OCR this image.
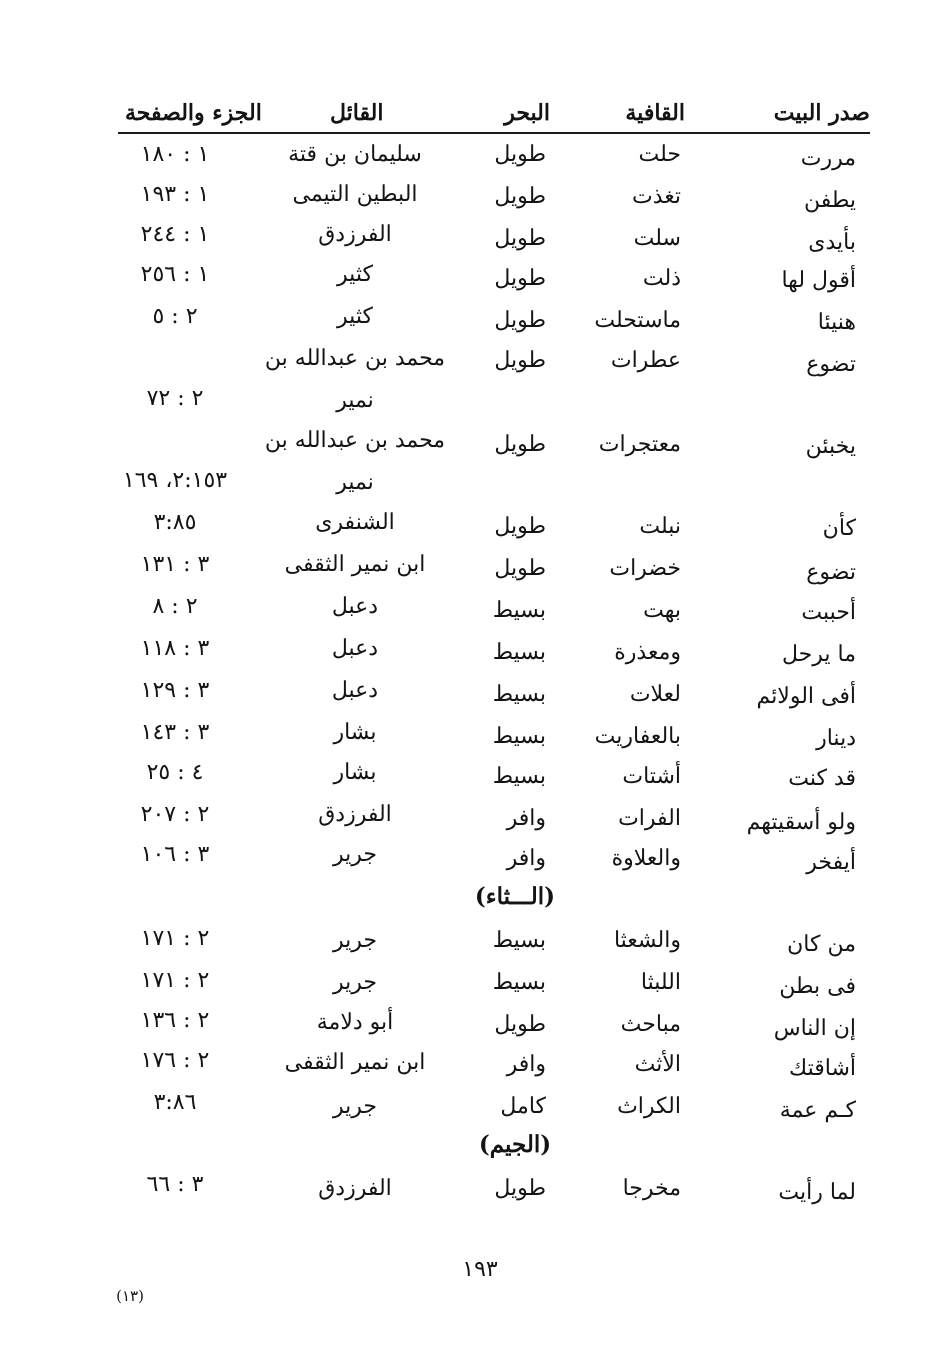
صدر البيت
القافية
البحر
القائل
الجزء والصفحة
مررت
حلت
طويل
سليمان بن قتة
١ : ١٨٠
يطفن
تغذت
طويل
البطين التيمى
١ : ١٩٣
بأيدى
سلت
طويل
الفرزدق
١ : ٢٤٤
أقول لها
ذلت
طويل
كثير
١ : ٢٥٦
هنيئا
ماستحلت
طويل
كثير
٢ : ٥
تضوع
عطرات
طويل
محمد بن عبدالله بن
نمير
٢ : ٧٢
يخبئن
معتجرات
طويل
محمد بن عبدالله بن
نمير
٢:١٥٣، ١٦٩
كأن
نبلت
طويل
الشنفرى
٣:٨٥
تضوع
خضرات
طويل
ابن نمير الثقفى
٣ : ١٣١
أحببت
بهت
بسيط
دعبل
٢ : ٨
ما يرحل
ومعذرة
بسيط
دعبل
٣ : ١١٨
أفى الولائم
لعلات
بسيط
دعبل
٣ : ١٢٩
دينار
بالعفاريت
بسيط
بشار
٣ : ١٤٣
قد كنت
أشتات
بسيط
بشار
٤ : ٢٥
ولو أسقيتهم
الفرات
وافر
الفرزدق
٢ : ٢٠٧
أيفخر
والعلاوة
وافر
جرير
٣ : ١٠٦
(الـــثاء)
من كان
والشعثا
بسيط
جرير
٢ : ١٧١
فى بطن
اللبثا
بسيط
جرير
٢ : ١٧١
إن الناس
مباحث
طويل
أبو دلامة
٢ : ١٣٦
أشاقتك
الأثث
وافر
ابن نمير الثقفى
٢ : ١٧٦
كـم عمة
الكراث
كامل
جرير
٣:٨٦
(الجيم)
لما رأيت
مخرجا
طويل
الفرزدق
٣ : ٦٦
١٩٣
(١٣)
